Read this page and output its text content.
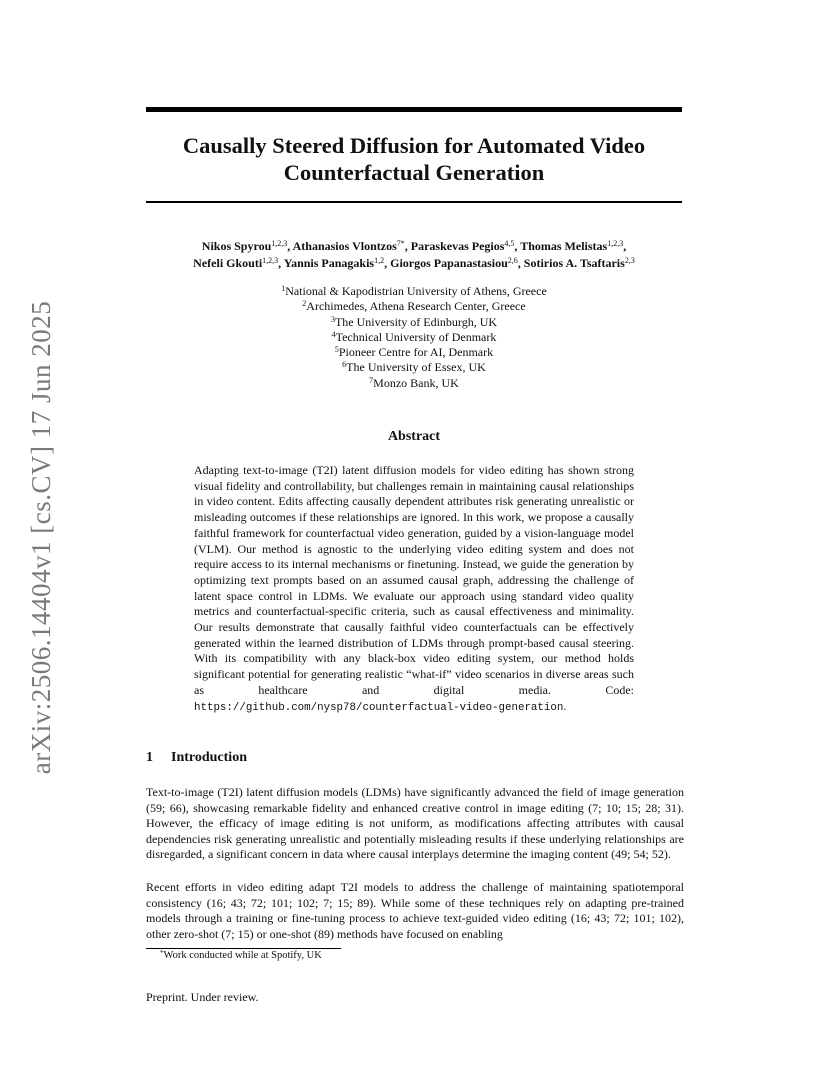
arXiv:2506.14404v1 [cs.CV] 17 Jun 2025
Causally Steered Diffusion for Automated Video
Counterfactual Generation
Nikos Spyrou$^{1,2,3}$, Athanasios Vlontzos$^{7*}$, Paraskevas Pegios$^{4,5}$, Thomas Melistas$^{1,2,3}$,
Nefeli Gkouti$^{1,2,3}$, Yannis Panagakis$^{1,2}$, Giorgos Papanastasiou$^{2,6}$, Sotirios A. Tsaftaris$^{2,3}$
$^1$National & Kapodistrian University of Athens, Greece
$^2$Archimedes, Athena Research Center, Greece
$^3$The University of Edinburgh, UK
$^4$Technical University of Denmark
$^5$Pioneer Centre for AI, Denmark
$^6$The University of Essex, UK
$^7$Monzo Bank, UK
Abstract
Adapting text-to-image (T2I) latent diffusion models for video editing has shown strong visual fidelity and controllability, but challenges remain in maintaining causal relationships in video content. Edits affecting causally dependent attributes risk generating unrealistic or misleading outcomes if these relationships are ignored. In this work, we propose a causally faithful framework for counterfactual video generation, guided by a vision-language model (VLM). Our method is agnostic to the underlying video editing system and does not require access to its internal mechanisms or finetuning. Instead, we guide the generation by optimizing text prompts based on an assumed causal graph, addressing the challenge of latent space control in LDMs. We evaluate our approach using standard video quality metrics and counterfactual-specific criteria, such as causal effectiveness and minimality. Our results demonstrate that causally faithful video counterfactuals can be effectively generated within the learned distribution of LDMs through prompt-based causal steering. With its compatibility with any black-box video editing system, our method holds significant potential for generating realistic “what-if” video scenarios in diverse areas such as healthcare and digital media. Code: https://github.com/nysp78/counterfactual-video-generation.
1 Introduction
Text-to-image (T2I) latent diffusion models (LDMs) have significantly advanced the field of image generation (59; 66), showcasing remarkable fidelity and enhanced creative control in image editing (7; 10; 15; 28; 31). However, the efficacy of image editing is not uniform, as modifications affecting attributes with causal dependencies risk generating unrealistic and potentially misleading results if these underlying relationships are disregarded, a significant concern in data where causal interplays determine the imaging content (49; 54; 52).
Recent efforts in video editing adapt T2I models to address the challenge of maintaining spatiotemporal consistency (16; 43; 72; 101; 102; 7; 15; 89). While some of these techniques rely on adapting pre-trained models through a training or fine-tuning process to achieve text-guided video editing (16; 43; 72; 101; 102), other zero-shot (7; 15) or one-shot (89) methods have focused on enabling
*Work conducted while at Spotify, UK
Preprint. Under review.
